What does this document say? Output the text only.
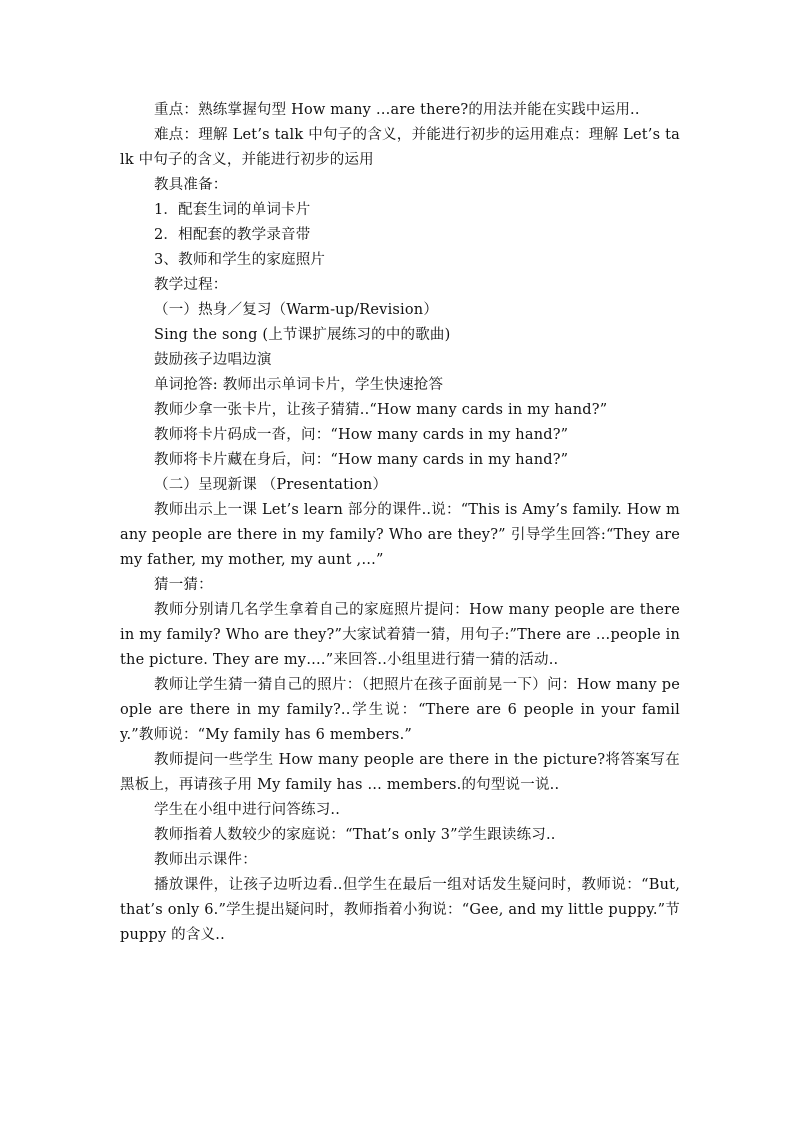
重点：熟练掌握句型 How many …are there?的用法并能在实践中运用..

难点：理解 Let’s talk 中句子的含义，并能进行初步的运用难点：理解 Let’s talk 中句子的含义，并能进行初步的运用

教具准备：

1．配套生词的单词卡片

2．相配套的教学录音带

3、教师和学生的家庭照片

教学过程：

（一）热身／复习（Warm-up/Revision）

Sing the song (上节课扩展练习的中的歌曲)

鼓励孩子边唱边演

单词抢答: 教师出示单词卡片，学生快速抢答

教师少拿一张卡片，让孩子猜猜..“How many cards in my hand?”

教师将卡片码成一沓，问：“How many cards in my hand?”

教师将卡片藏在身后，问：“How many cards in my hand?”

（二）呈现新课 （Presentation）

教师出示上一课 Let’s learn 部分的课件..说：“This is Amy’s family. How many people are there in my family? Who are they?” 引导学生回答:“They are my father, my mother, my aunt ,…”

猜一猜：

教师分别请几名学生拿着自己的家庭照片提问：How many people are there in my family? Who are they?”大家试着猜一猜，用句子:”There are …people in the picture. They are my….”来回答..小组里进行猜一猜的活动..

教师让学生猜一猜自己的照片：（把照片在孩子面前晃一下）问：How many people are there in my family?..学生说：“There are 6 people in your family.”教师说：“My family has 6 members.”

教师提问一些学生 How many people are there in the picture?将答案写在黑板上，再请孩子用 My family has … members.的句型说一说..

学生在小组中进行问答练习..

教师指着人数较少的家庭说：“That’s only 3”学生跟读练习..

教师出示课件：

播放课件，让孩子边听边看..但学生在最后一组对话发生疑问时，教师说：“But, that’s only 6.”学生提出疑问时，教师指着小狗说：“Gee, and my little puppy.”节 puppy 的含义..
